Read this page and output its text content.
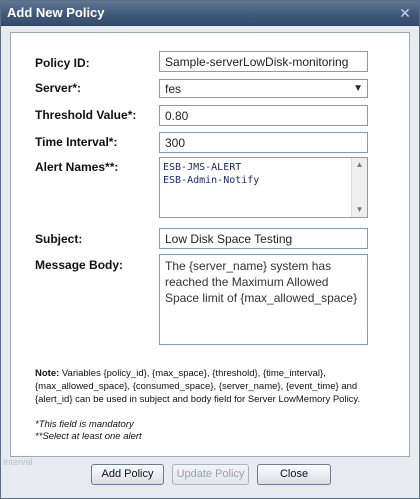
Add New Policy	✕
Policy ID:	Sample-serverLowDisk-monitoring
Server*:	fes	▼
Threshold Value*:	0.80
Time Interval*:	300
Alert Names**:	ESB-JMS-ALERT
ESB-Admin-Notify
▲
▼
Subject:	Low Disk Space Testing
Message Body:	The {server_name} system has reached the Maximum Allowed Space limit of {max_allowed_space}
Note: Variables {policy_id}, {max_space}, {threshold}, {time_interval}, {max_allowed_space}, {consumed_space}, {server_name}, {event_time} and {alert_id} can be used in subject and body field for Server LowMemory Policy.
*This field is mandatory
**Select at least one alert
Interval
Add Policy	Update Policy	Close
